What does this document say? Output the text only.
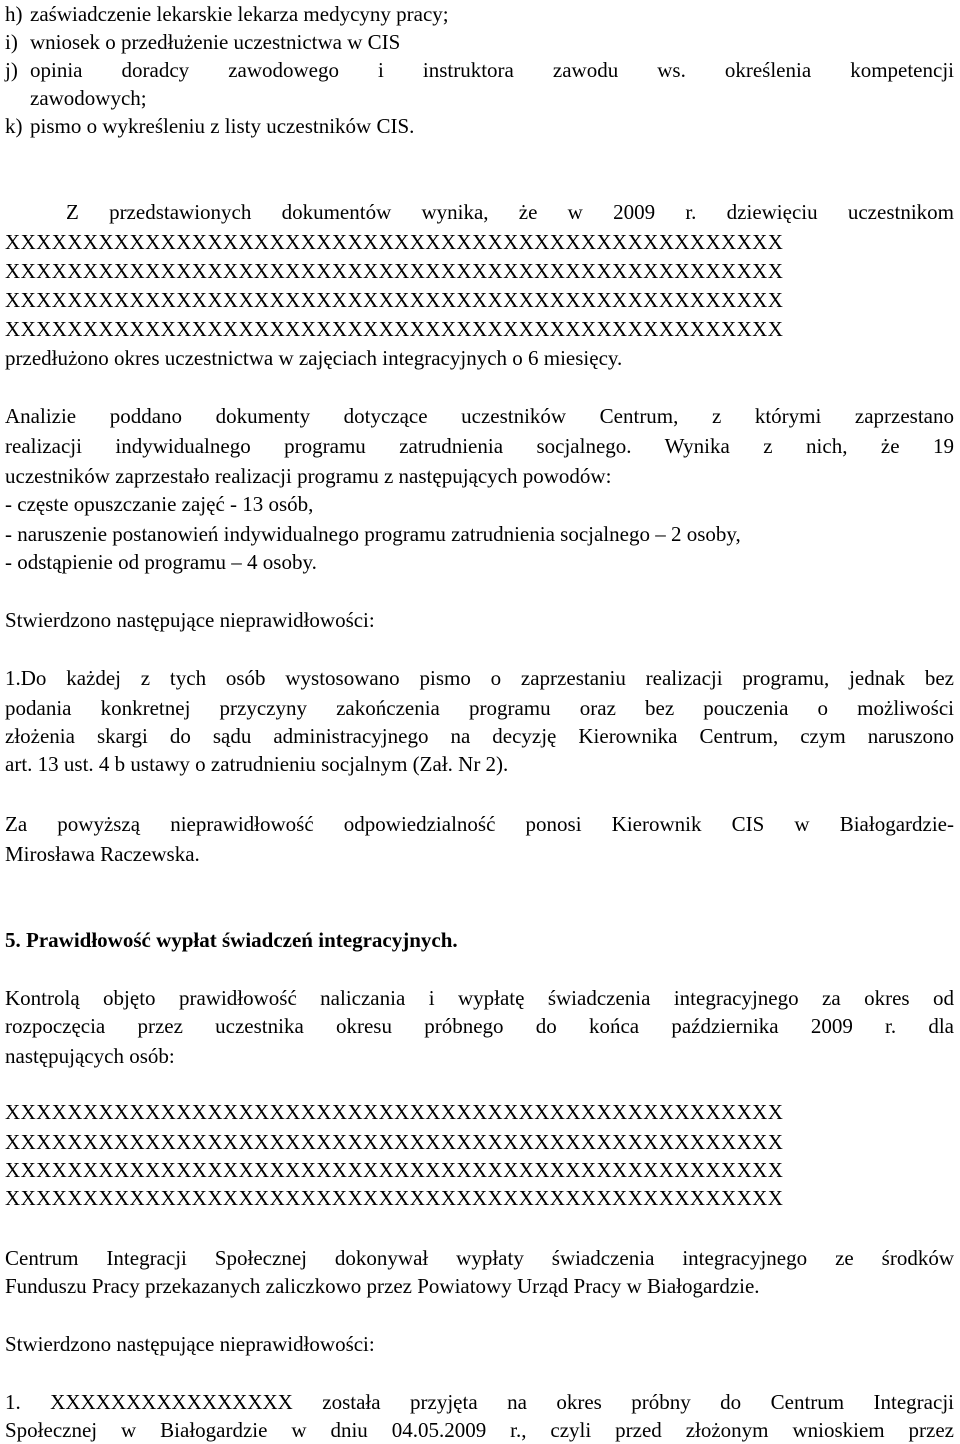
h) zaświadczenie lekarskie lekarza medycyny pracy;
i) wniosek o przedłużenie uczestnictwa w CIS
j) opinia doradcy zawodowego i instruktora zawodu ws. określenia kompetencji
zawodowych;
k) pismo o wykreśleniu z listy uczestników CIS.
Z przedstawionych dokumentów wynika, że w 2009 r. dziewięciu uczestnikom
XXXXXXXXXXXXXXXXXXXXXXXXXXXXXXXXXXXXXXXXXXXXXXXXXX
XXXXXXXXXXXXXXXXXXXXXXXXXXXXXXXXXXXXXXXXXXXXXXXXXX
XXXXXXXXXXXXXXXXXXXXXXXXXXXXXXXXXXXXXXXXXXXXXXXXXX
XXXXXXXXXXXXXXXXXXXXXXXXXXXXXXXXXXXXXXXXXXXXXXXXXX
przedłużono okres uczestnictwa w zajęciach integracyjnych o 6 miesięcy.
Analizie poddano dokumenty dotyczące uczestników Centrum, z którymi zaprzestano
realizacji indywidualnego programu zatrudnienia socjalnego. Wynika z nich, że 19
uczestników zaprzestało realizacji programu z następujących powodów:
- częste opuszczanie zajęć - 13 osób,
- naruszenie postanowień indywidualnego programu zatrudnienia socjalnego – 2 osoby,
- odstąpienie od programu – 4 osoby.
Stwierdzono następujące nieprawidłowości:
1.Do każdej z tych osób wystosowano pismo o zaprzestaniu realizacji programu, jednak bez
podania konkretnej przyczyny zakończenia programu oraz bez pouczenia o możliwości
złożenia skargi do sądu administracyjnego na decyzję Kierownika Centrum, czym naruszono
art. 13 ust. 4 b ustawy o zatrudnieniu socjalnym (Zał. Nr 2).
Za powyższą nieprawidłowość odpowiedzialność ponosi Kierownik CIS w Białogardzie-
Mirosława Raczewska.
5. Prawidłowość wypłat świadczeń integracyjnych.
Kontrolą objęto prawidłowość naliczania i wypłatę świadczenia integracyjnego za okres od
rozpoczęcia przez uczestnika okresu próbnego do końca października 2009 r. dla
następujących osób:
XXXXXXXXXXXXXXXXXXXXXXXXXXXXXXXXXXXXXXXXXXXXXXXXXX
XXXXXXXXXXXXXXXXXXXXXXXXXXXXXXXXXXXXXXXXXXXXXXXXXX
XXXXXXXXXXXXXXXXXXXXXXXXXXXXXXXXXXXXXXXXXXXXXXXXXX
XXXXXXXXXXXXXXXXXXXXXXXXXXXXXXXXXXXXXXXXXXXXXXXXXX
Centrum Integracji Społecznej dokonywał wypłaty świadczenia integracyjnego ze środków
Funduszu Pracy przekazanych zaliczkowo przez Powiatowy Urząd Pracy w Białogardzie.
Stwierdzono następujące nieprawidłowości:
1. XXXXXXXXXXXXXXXX została przyjęta na okres próbny do Centrum Integracji
Społecznej w Białogardzie w dniu 04.05.2009 r., czyli przed złożonym wnioskiem przez
